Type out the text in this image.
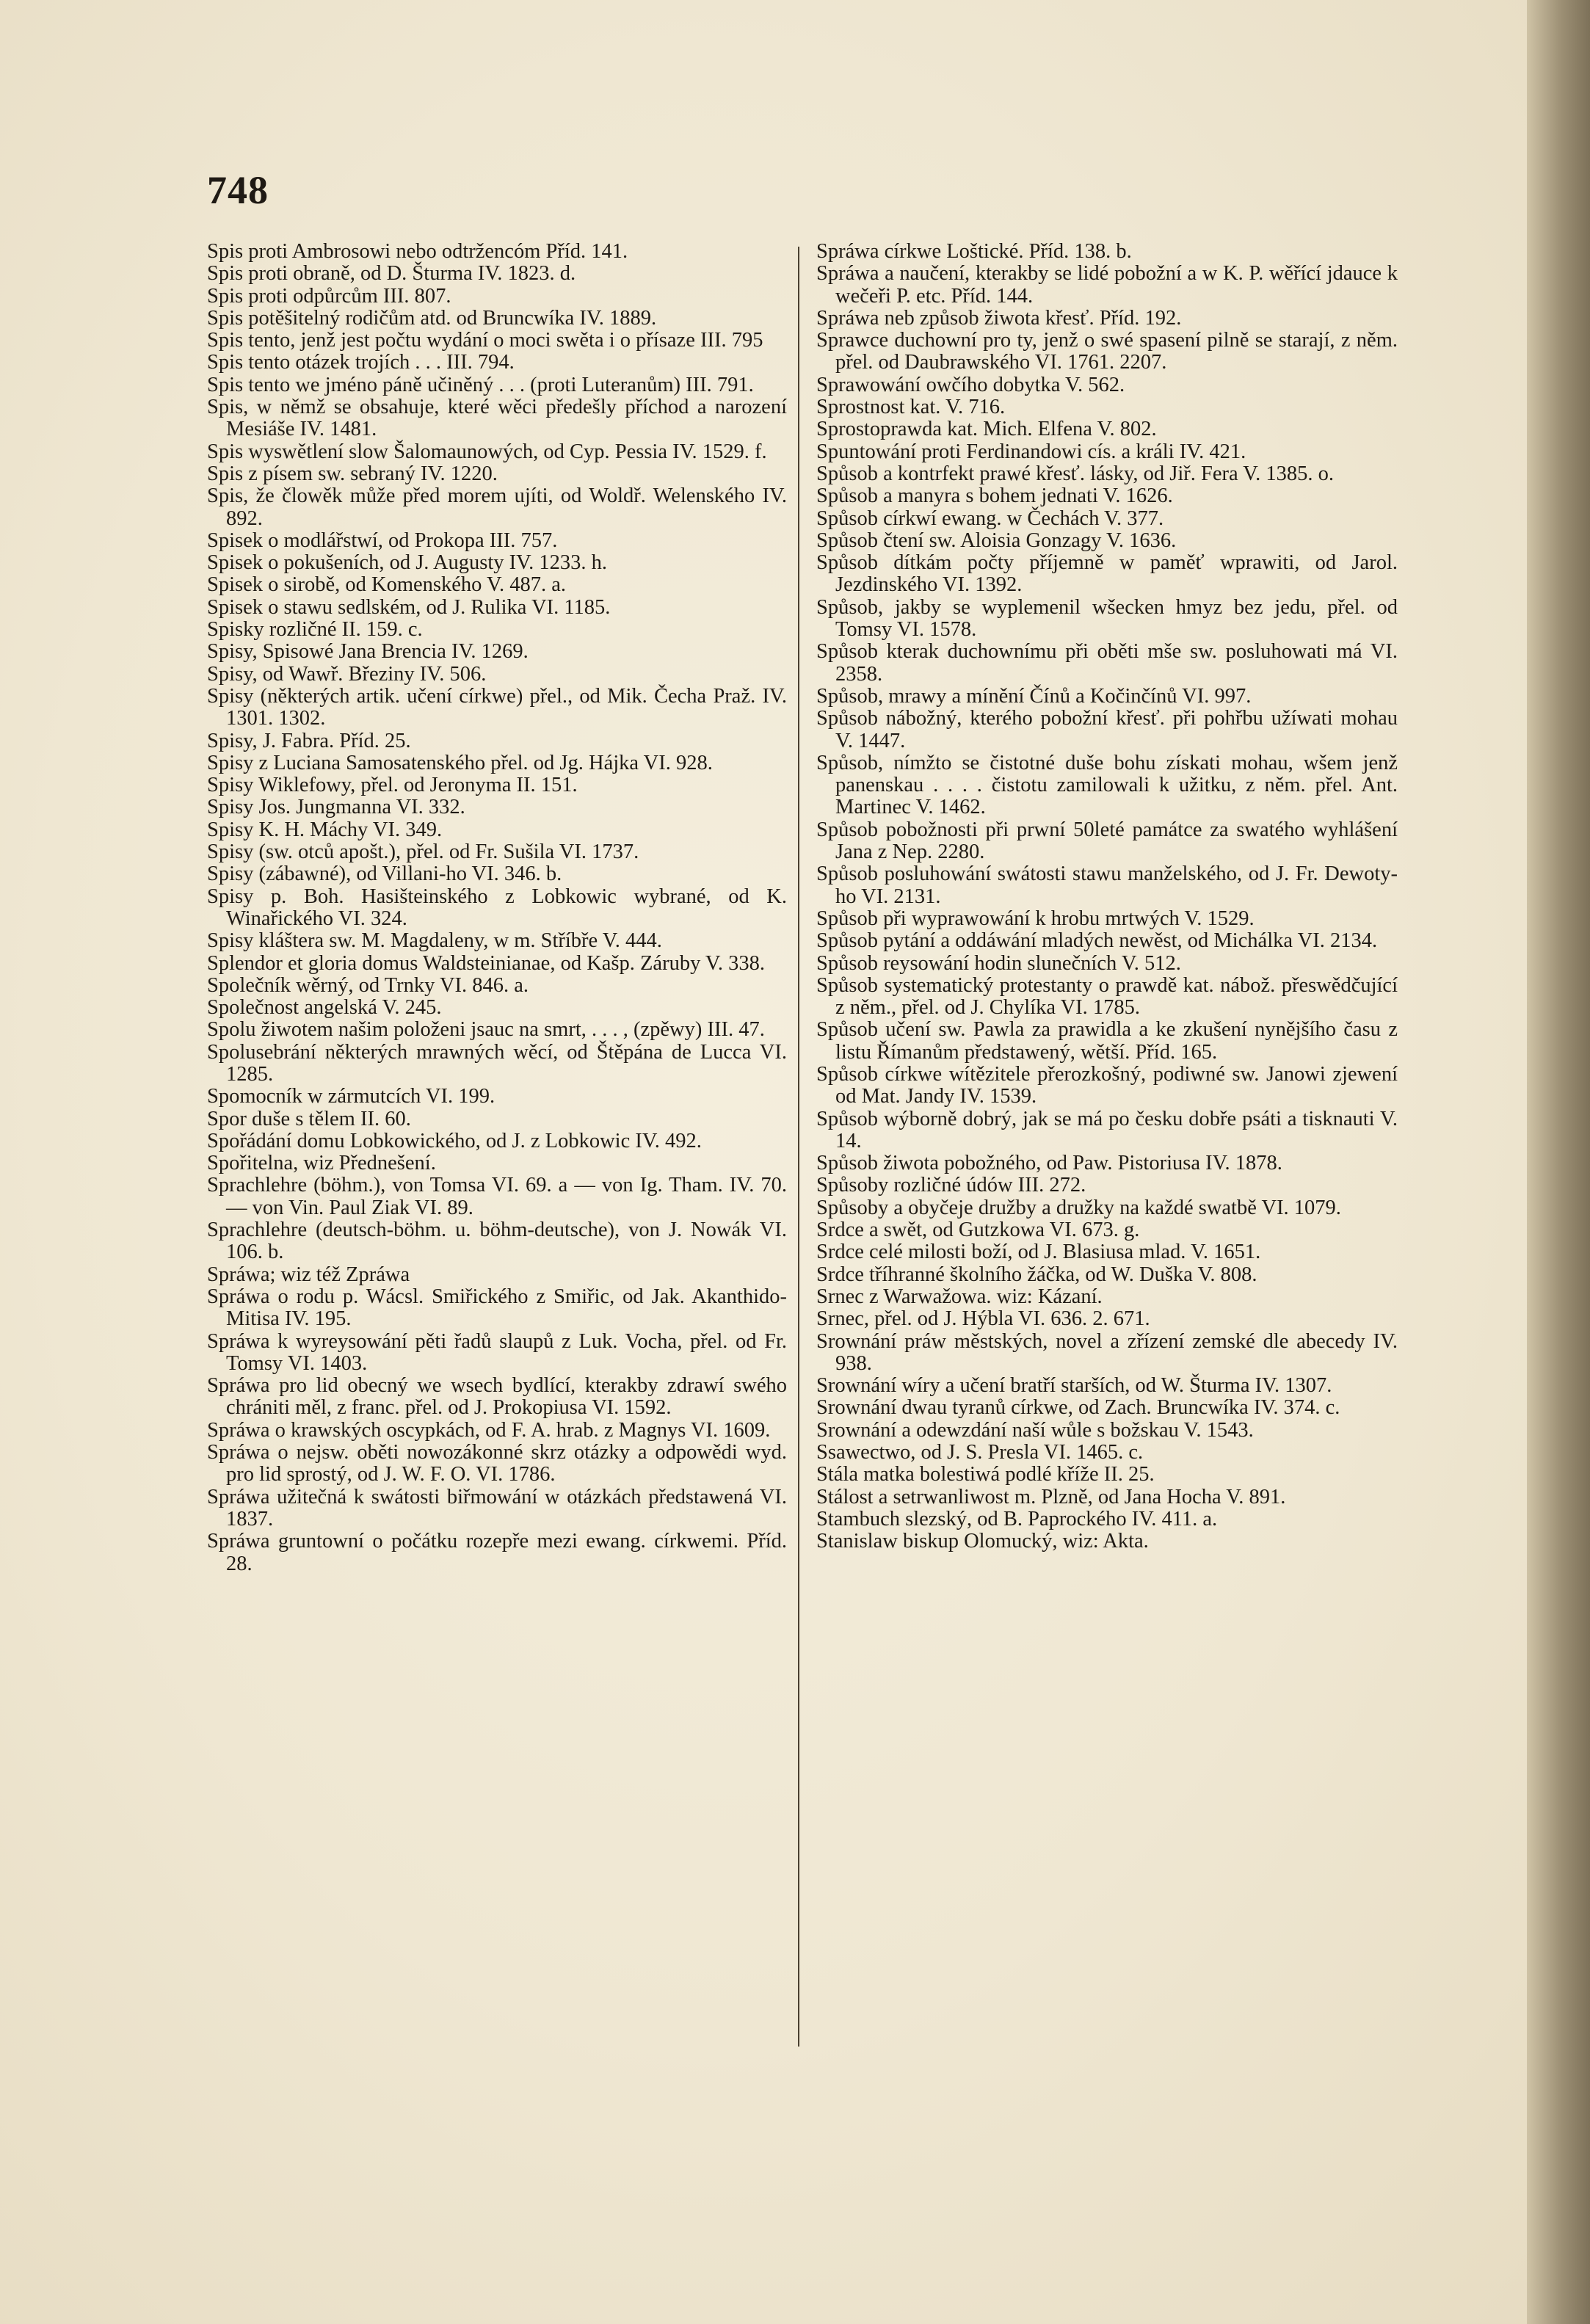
748

Spis proti Ambrosowi nebo odtržencóm Příd. 141.

Spis proti obraně, od D. Šturma IV. 1823. d.

Spis proti odpůrcům III. 807.

Spis potěšitelný rodičům atd. od Bruncwíka IV. 1889.

Spis tento, jenž jest počtu wydání o moci swěta i o přísaze III. 795

Spis tento otázek trojích . . . III. 794.

Spis tento we jméno páně učiněný . . . (proti Luteranům) III. 791.

Spis, w němž se obsahuje, které wěci předešly příchod a narození Mesiáše IV. 1481.

Spis wyswětlení slow Šalomaunowých, od Cyp. Pessia IV. 1529. f.

Spis z písem sw. sebraný IV. 1220.

Spis, že člowěk může před morem ujíti, od Woldř. Welenského IV. 892.

Spisek o modlářstwí, od Prokopa III. 757.

Spisek o pokušeních, od J. Augusty IV. 1233. h.

Spisek o sirobě, od Komenského V. 487. a.

Spisek o stawu sedlském, od J. Rulika VI. 1185.

Spisky rozličné II. 159. c.

Spisy, Spisowé Jana Brencia IV. 1269.

Spisy, od Wawř. Březiny IV. 506.

Spisy (některých artik. učení církwe) přel., od Mik. Čecha Praž. IV. 1301. 1302.

Spisy, J. Fabra. Příd. 25.

Spisy z Luciana Samosatenského přel. od Jg. Hájka VI. 928.

Spisy Wiklefowy, přel. od Jeronyma II. 151.

Spisy Jos. Jungmanna VI. 332.

Spisy K. H. Máchy VI. 349.

Spisy (sw. otců apošt.), přel. od Fr. Sušila VI. 1737.

Spisy (zábawné), od Villani-ho VI. 346. b.

Spisy p. Boh. Hasišteinského z Lobkowic wybrané, od K. Winařického VI. 324.

Spisy kláštera sw. M. Magdaleny, w m. Stříbře V. 444.

Splendor et gloria domus Waldsteinianae, od Kašp. Záruby V. 338.

Společník wěrný, od Trnky VI. 846. a.

Společnost angelská V. 245.

Spolu žiwotem našim položeni jsauc na smrt, . . . , (zpěwy) III. 47.

Spolusebrání některých mrawných wěcí, od Štěpána de Lucca VI. 1285.

Spomocník w zármutcích VI. 199.

Spor duše s tělem II. 60.

Spořádání domu Lobkowického, od J. z Lobkowic IV. 492.

Spořitelna, wiz Přednešení.

Sprachlehre (böhm.), von Tomsa VI. 69. a — von Ig. Tham. IV. 70. — von Vin. Paul Ziak VI. 89.

Sprachlehre (deutsch-böhm. u. böhm-deutsche), von J. Nowák VI. 106. b.

Spráwa; wiz též Zpráwa

Spráwa o rodu p. Wácsl. Smiřického z Smiřic, od Jak. Akanthido-Mitisa IV. 195.

Spráwa k wyreysowání pěti řadů slaupů z Luk. Vocha, přel. od Fr. Tomsy VI. 1403.

Spráwa pro lid obecný we wsech bydlící, kterakby zdrawí swého chrániti měl, z franc. přel. od J. Prokopiusa VI. 1592.

Spráwa o krawských oscypkách, od F. A. hrab. z Magnys VI. 1609.

Spráwa o nejsw. oběti nowozákonné skrz otázky a odpowědi wyd. pro lid sprostý, od J. W. F. O. VI. 1786.

Spráwa užitečná k swátosti biřmowání w otázkách předstawená VI. 1837.

Spráwa gruntowní o počátku rozepře mezi ewang. církwemi. Příd. 28.

Spráwa církwe Loštické. Příd. 138. b.

Spráwa a naučení, kterakby se lidé pobožní a w K. P. wěřící jdauce k wečeři P. etc. Příd. 144.

Spráwa neb způsob žiwota křesť. Příd. 192.

Sprawce duchowní pro ty, jenž o swé spasení pilně se starají, z něm. přel. od Daubrawského VI. 1761. 2207.

Sprawowání owčího dobytka V. 562.

Sprostnost kat. V. 716.

Sprostoprawda kat. Mich. Elfena V. 802.

Spuntowání proti Ferdinandowi cís. a králi IV. 421.

Spůsob a kontrfekt prawé křesť. lásky, od Jiř. Fera V. 1385. o.

Spůsob a manyra s bohem jednati V. 1626.

Spůsob církwí ewang. w Čechách V. 377.

Spůsob čtení sw. Aloisia Gonzagy V. 1636.

Spůsob dítkám počty příjemně w paměť wprawiti, od Jarol. Jezdinského VI. 1392.

Spůsob, jakby se wyplemenil wšecken hmyz bez jedu, přel. od Tomsy VI. 1578.

Spůsob kterak duchownímu při oběti mše sw. posluhowati má VI. 2358.

Spůsob, mrawy a mínění Čínů a Kočinčínů VI. 997.

Spůsob nábožný, kterého pobožní křesť. při pohřbu užíwati mohau V. 1447.

Spůsob, nímžto se čistotné duše bohu získati mohau, wšem jenž panenskau . . . . čistotu zamilowali k užitku, z něm. přel. Ant. Martinec V. 1462.

Spůsob pobožnosti při prwní 50leté památce za swatého wyhlášení Jana z Nep. 2280.

Spůsob posluhowání swátosti stawu manželského, od J. Fr. Dewoty-ho VI. 2131.

Spůsob při wyprawowání k hrobu mrtwých V. 1529.

Spůsob pytání a oddáwání mladých newěst, od Michálka VI. 2134.

Spůsob reysowání hodin slunečních V. 512.

Spůsob systematický protestanty o prawdě kat. nábož. přeswědčující z něm., přel. od J. Chylíka VI. 1785.

Spůsob učení sw. Pawla za prawidla a ke zkušení nynějšího času z listu Římanům předstawený, wětší. Příd. 165.

Spůsob církwe wítězitele přerozkošný, podiwné sw. Janowi zjewení od Mat. Jandy IV. 1539.

Spůsob wýborně dobrý, jak se má po česku dobře psáti a tisknauti V. 14.

Spůsob žiwota pobožného, od Paw. Pistoriusa IV. 1878.

Spůsoby rozličné údów III. 272.

Spůsoby a obyčeje družby a družky na každé swatbě VI. 1079.

Srdce a swět, od Gutzkowa VI. 673. g.

Srdce celé milosti boží, od J. Blasiusa mlad. V. 1651.

Srdce tříhranné školního žáčka, od W. Duška V. 808.

Srnec z Warwažowa. wiz: Kázaní.

Srnec, přel. od J. Hýbla VI. 636. 2. 671.

Srownání práw městských, novel a zřízení zemské dle abecedy IV. 938.

Srownání wíry a učení bratří starších, od W. Šturma IV. 1307.

Srownání dwau tyranů církwe, od Zach. Bruncwíka IV. 374. c.

Srownání a odewzdání naší wůle s božskau V. 1543.

Ssawectwo, od J. S. Presla VI. 1465. c.

Stála matka bolestiwá podlé kříže II. 25.

Stálost a setrwanliwost m. Plzně, od Jana Hocha V. 891.

Stambuch slezský, od B. Paprockého IV. 411. a.

Stanislaw biskup Olomucký, wiz: Akta.
